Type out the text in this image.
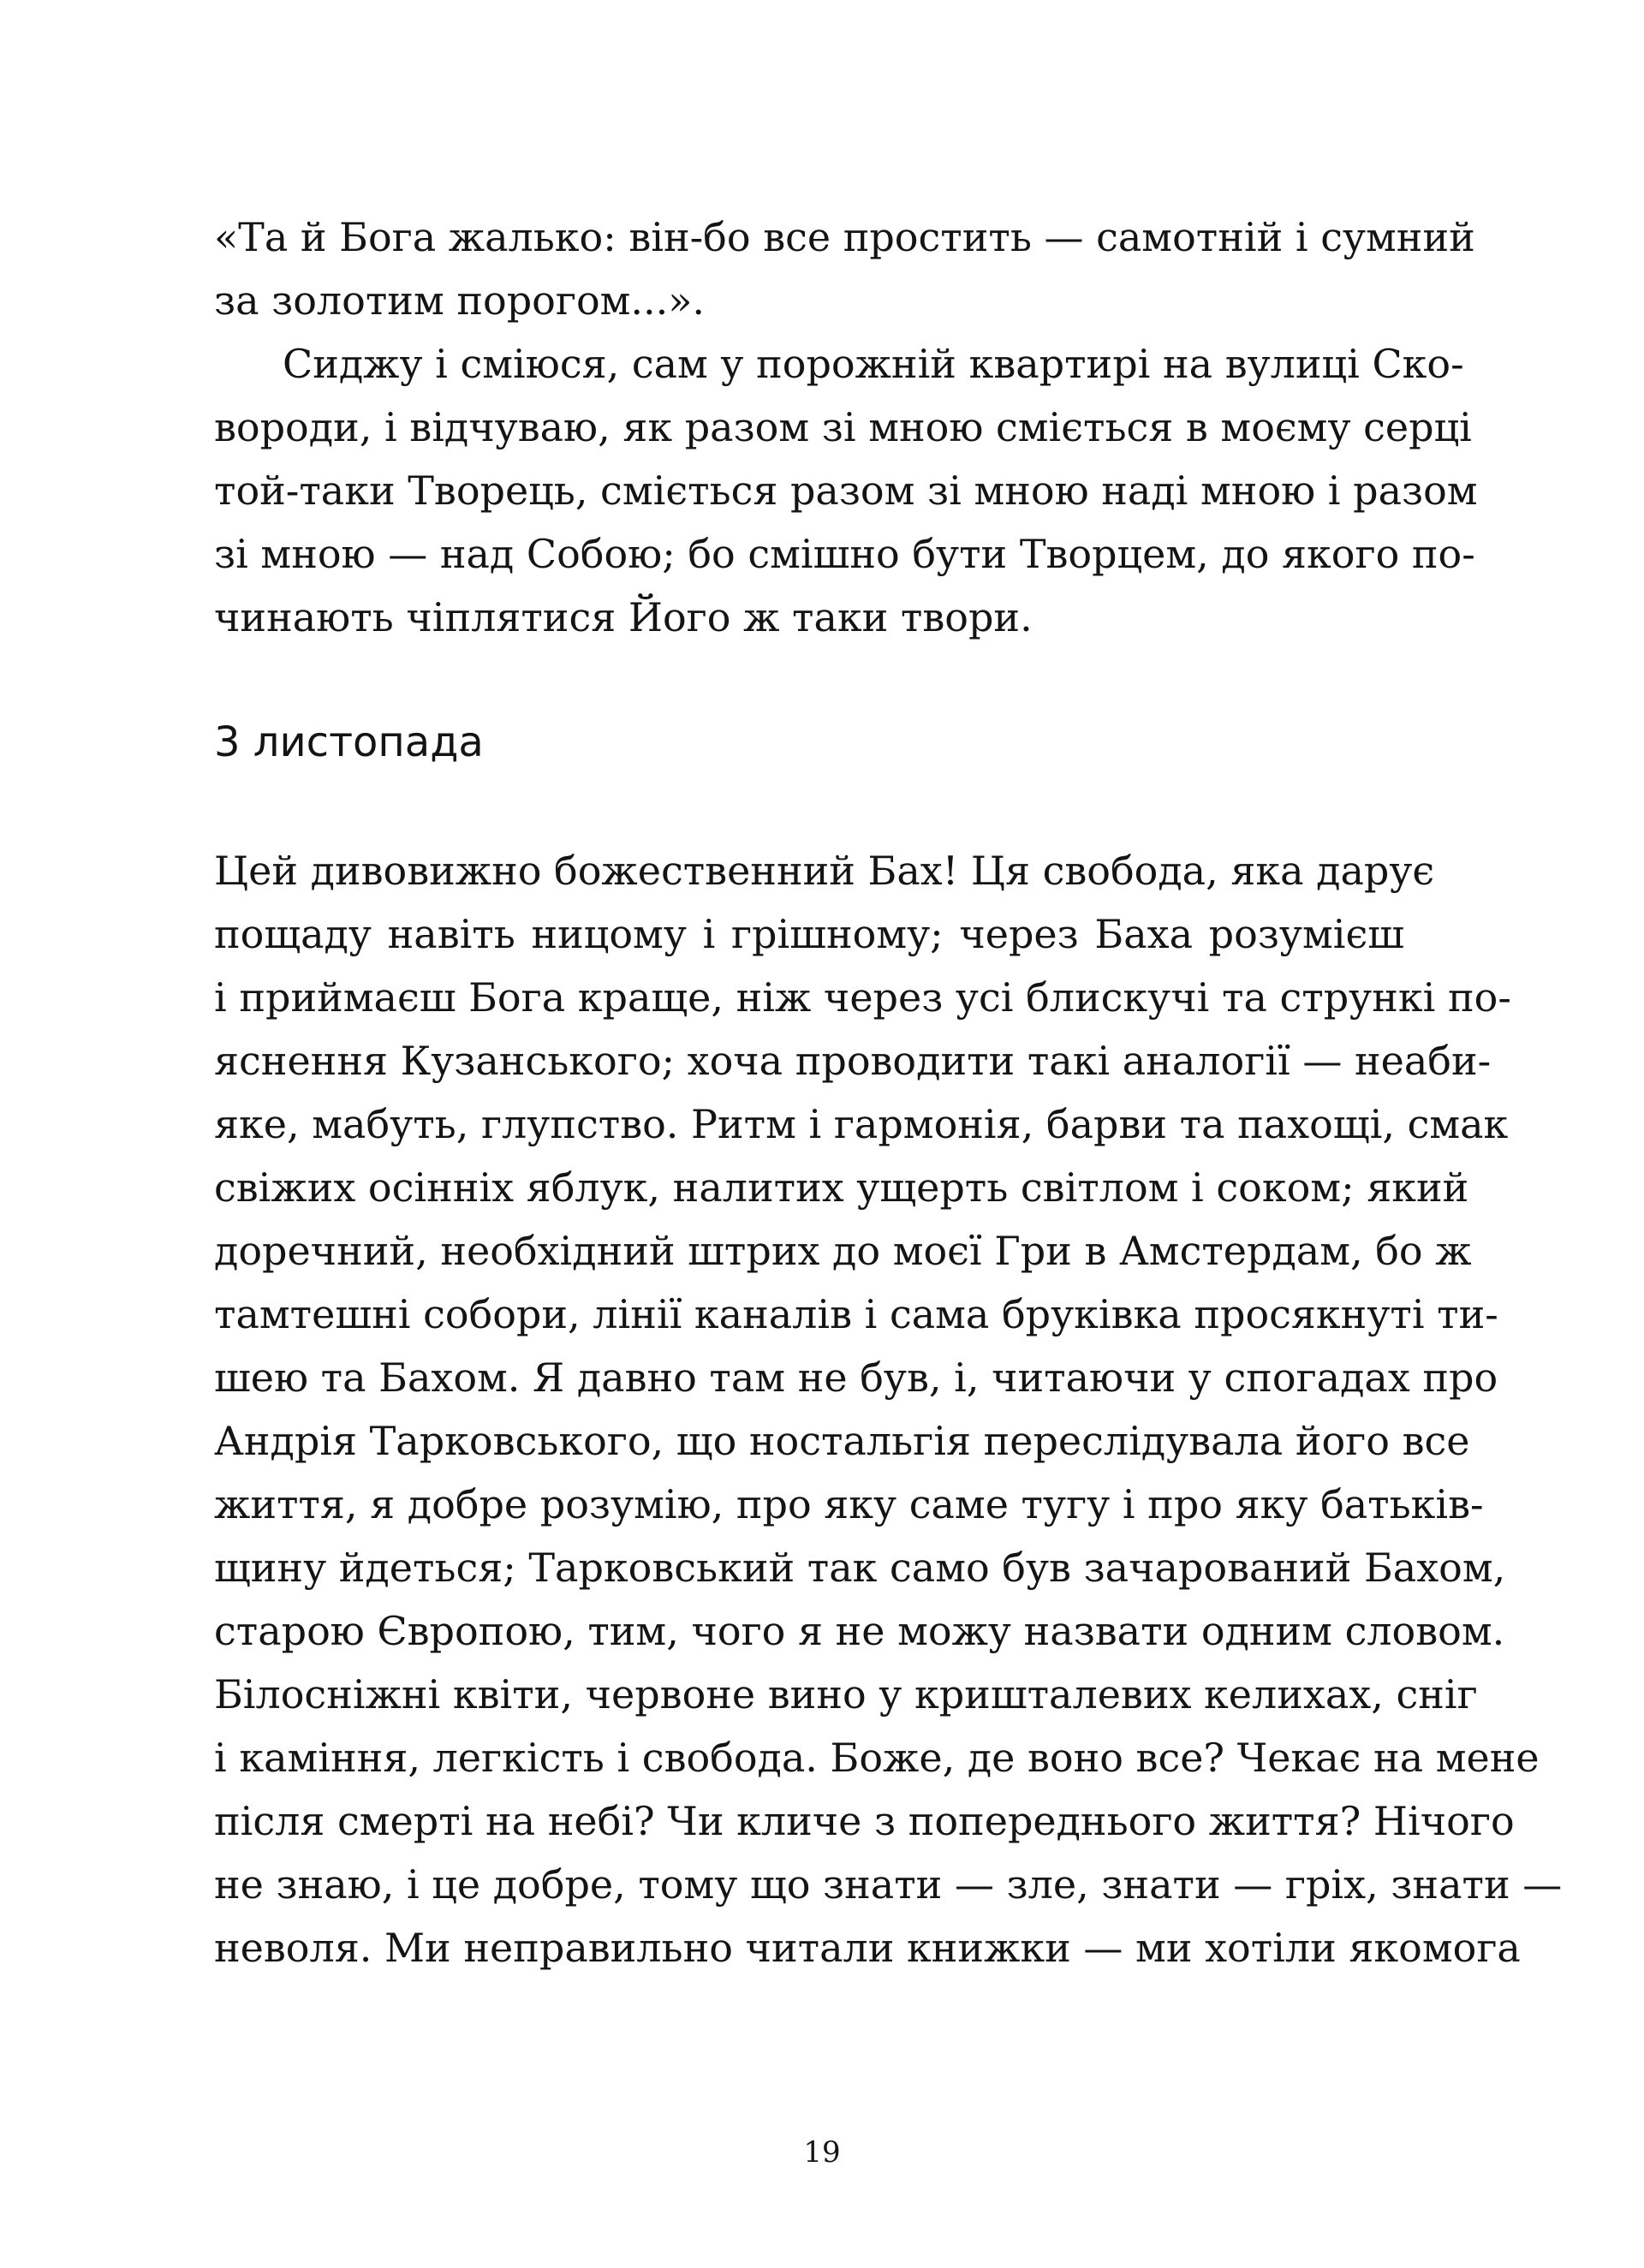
«Та й Бога жалько: він-бо все простить — самотній і сумний
за золотим порогом...».
Сиджу і сміюся, сам у порожній квартирі на вулиці Ско-
вороди, і відчуваю, як разом зі мною сміється в моєму серці
той-таки Творець, сміється разом зі мною наді мною і разом
зі мною — над Собою; бо смішно бути Творцем, до якого по-
чинають чіплятися Його ж таки твори.
3 листопада
Цей дивовижно божественний Бах! Ця свобода, яка дарує
пощаду навіть ницому і грішному; через Баха розумієш
і приймаєш Бога краще, ніж через усі блискучі та стрункі по-
яснення Кузанського; хоча проводити такі аналогії — неаби-
яке, мабуть, глупство. Ритм і гармонія, барви та пахощі, смак
свіжих осінніх яблук, налитих ущерть світлом і соком; який
доречний, необхідний штрих до моєї Гри в Амстердам, бо ж
тамтешні собори, лінії каналів і сама бруківка просякнуті ти-
шею та Бахом. Я давно там не був, і, читаючи у спогадах про
Андрія Тарковського, що ностальгія переслідувала його все
життя, я добре розумію, про яку саме тугу і про яку батьків-
щину йдеться; Тарковський так само був зачарований Бахом,
старою Європою, тим, чого я не можу назвати одним словом.
Білосніжні квіти, червоне вино у кришталевих келихах, сніг
і каміння, легкість і свобода. Боже, де воно все? Чекає на мене
після смерті на небі? Чи кличе з попереднього життя? Нічого
не знаю, і це добре, тому що знати — зле, знати — гріх, знати —
неволя. Ми неправильно читали книжки — ми хотіли якомога
19
